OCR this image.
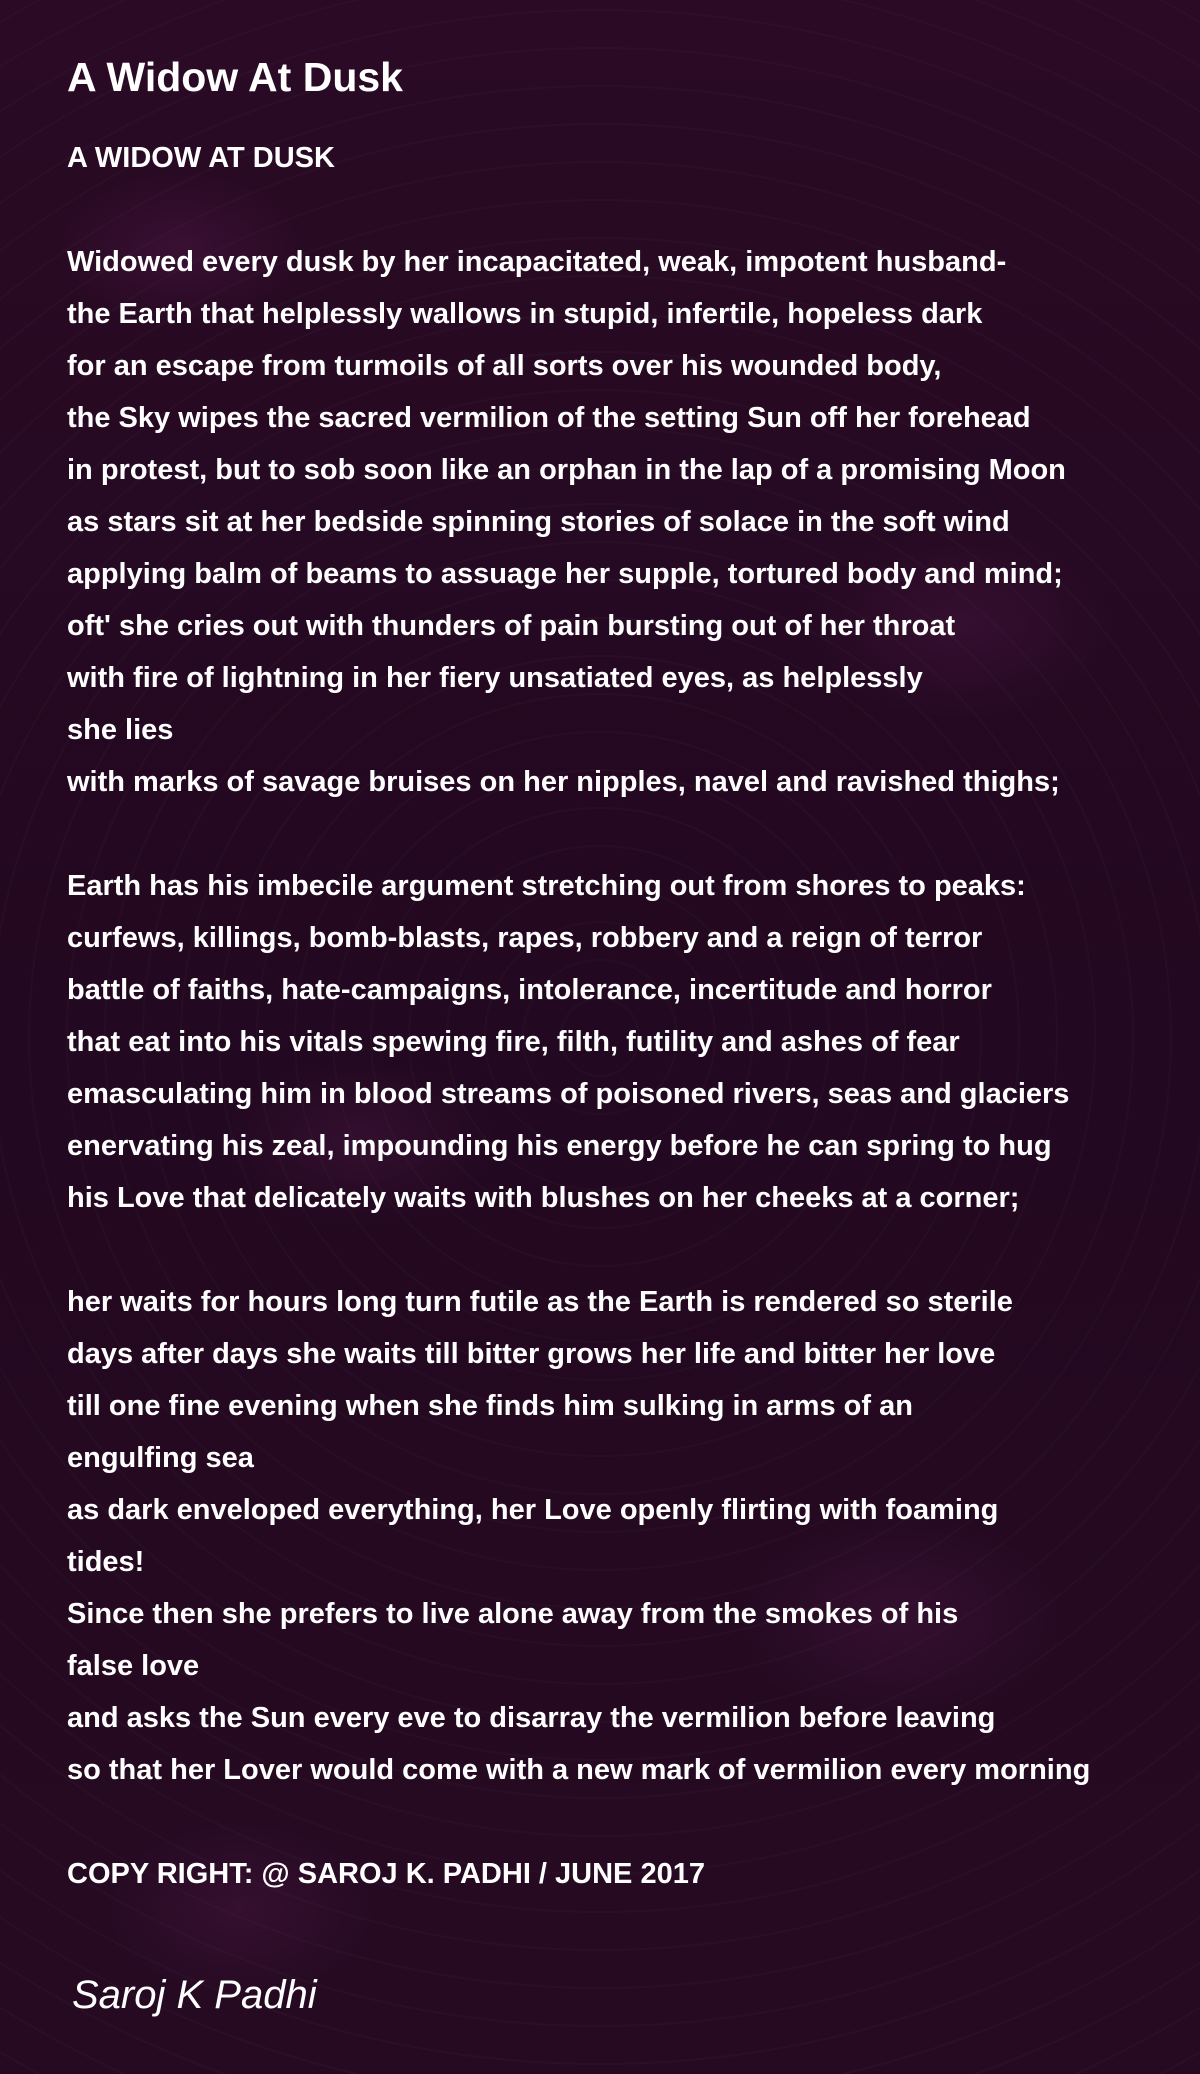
A Widow At Dusk
A WIDOW AT DUSK
Widowed every dusk by her incapacitated, weak, impotent husband-
the Earth that helplessly wallows in stupid, infertile, hopeless dark
for an escape from turmoils of all sorts over his wounded body,
the Sky wipes the sacred vermilion of the setting Sun off her forehead
in protest, but to sob soon like an orphan in the lap of a promising Moon
as stars sit at her bedside spinning stories of solace in the soft wind
applying balm of beams to assuage her supple, tortured body and mind;
oft' she cries out with thunders of pain bursting out of her throat
with fire of lightning in her fiery unsatiated eyes, as helplessly
she lies
with marks of savage bruises on her nipples, navel and ravished thighs;
Earth has his imbecile argument stretching out from shores to peaks:
curfews, killings, bomb-blasts, rapes, robbery and a reign of terror
battle of faiths, hate-campaigns, intolerance, incertitude and horror
that eat into his vitals spewing fire, filth, futility and ashes of fear
emasculating him in blood streams of poisoned rivers, seas and glaciers
enervating his zeal, impounding his energy before he can spring to hug
his Love that delicately waits with blushes on her cheeks at a corner;
her waits for hours long turn futile as the Earth is rendered so sterile
days after days she waits till bitter grows her life and bitter her love
till one fine evening when she finds him sulking in arms of an
engulfing sea
as dark enveloped everything, her Love openly flirting with foaming
tides!
Since then she prefers to live alone away from the smokes of his
false love
and asks the Sun every eve to disarray the vermilion before leaving
so that her Lover would come with a new mark of vermilion every morning
COPY RIGHT: @ SAROJ K. PADHI / JUNE 2017
Saroj K Padhi
